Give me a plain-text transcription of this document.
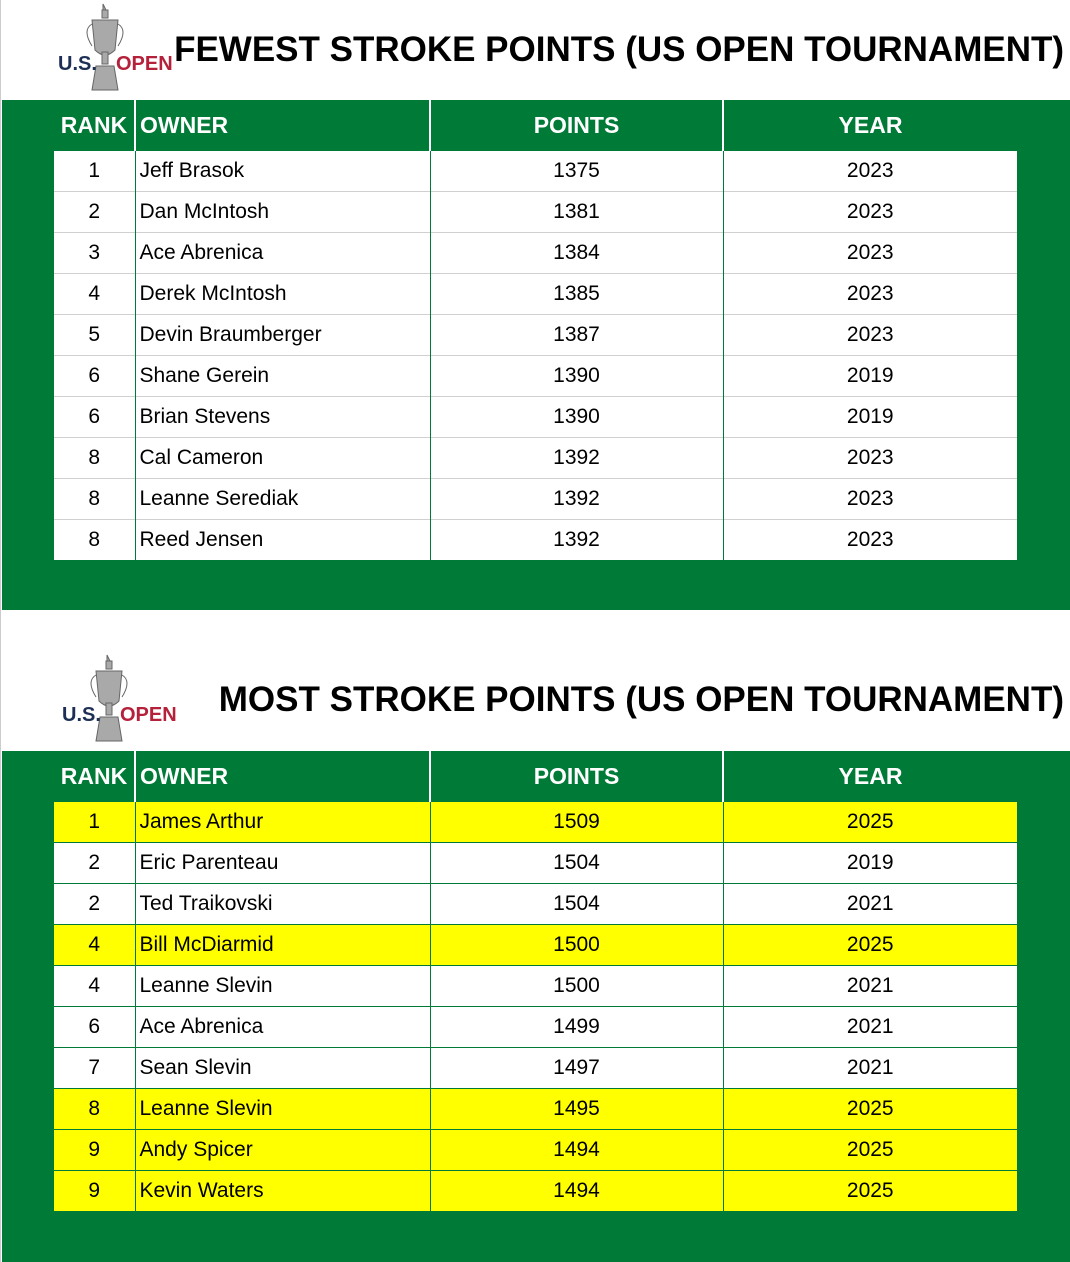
U.S. OPEN FEWEST STROKE POINTS (US OPEN TOURNAMENT)
RANK	OWNER	POINTS	YEAR
1	Jeff Brasok	1375	2023
2	Dan McIntosh	1381	2023
3	Ace Abrenica	1384	2023
4	Derek McIntosh	1385	2023
5	Devin Braumberger	1387	2023
6	Shane Gerein	1390	2019
6	Brian Stevens	1390	2019
8	Cal Cameron	1392	2023
8	Leanne Serediak	1392	2023
8	Reed Jensen	1392	2023
U.S. OPEN MOST STROKE POINTS (US OPEN TOURNAMENT)
RANK	OWNER	POINTS	YEAR
1	James Arthur	1509	2025
2	Eric Parenteau	1504	2019
2	Ted Traikovski	1504	2021
4	Bill McDiarmid	1500	2025
4	Leanne Slevin	1500	2021
6	Ace Abrenica	1499	2021
7	Sean Slevin	1497	2021
8	Leanne Slevin	1495	2025
9	Andy Spicer	1494	2025
9	Kevin Waters	1494	2025
